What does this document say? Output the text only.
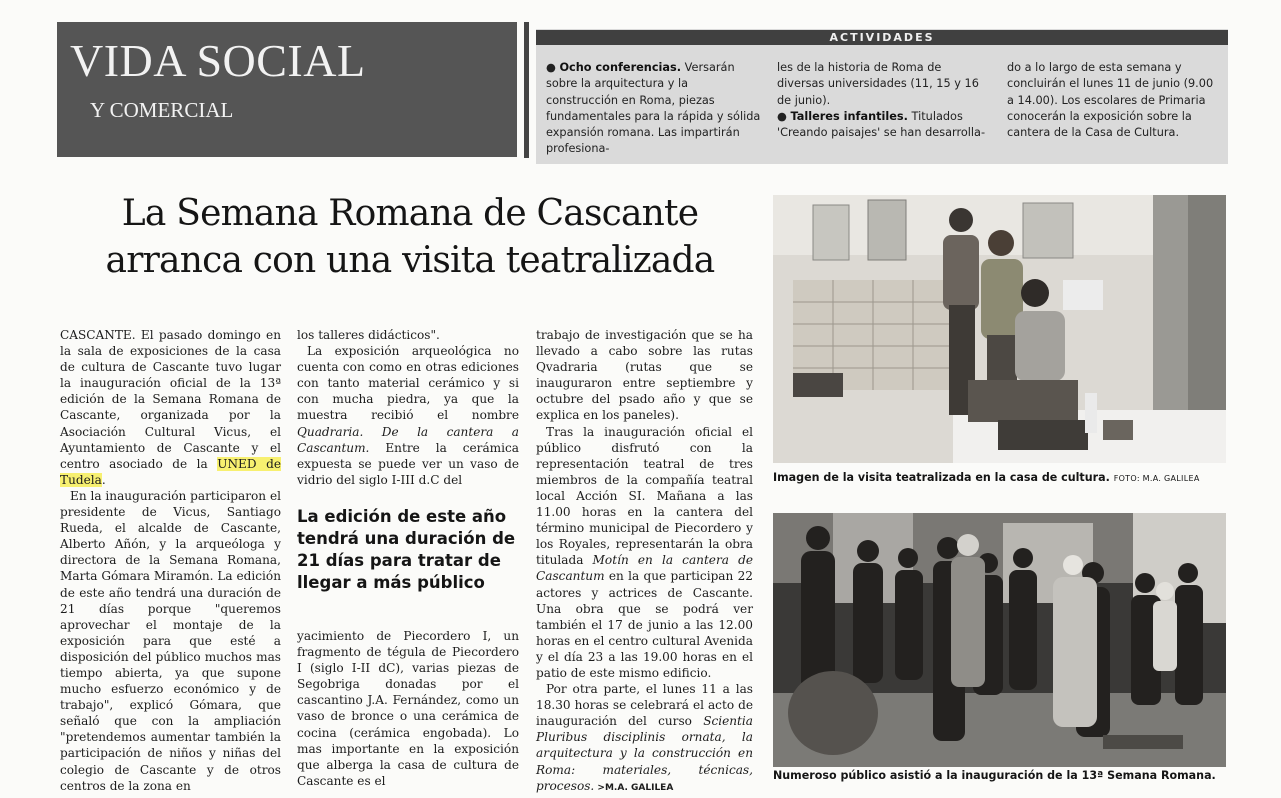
VIDA SOCIAL
Y COMERCIAL
ACTIVIDADES
● Ocho conferencias. Versarán sobre la arquitectura y la construcción en Roma, piezas fundamentales para la rápida y sólida expansión romana. Las impartirán profesiona-
les de la historia de Roma de diversas universidades (11, 15 y 16 de junio).
● Talleres infantiles. Titulados 'Creando paisajes' se han desarrolla-
do a lo largo de esta semana y concluirán el lunes 11 de junio (9.00 a 14.00). Los escolares de Primaria conocerán la exposición sobre la cantera de la Casa de Cultura.
La Semana Romana de Cascante arranca con una visita teatralizada

CASCANTE. El pasado domingo en la sala de exposiciones de la casa de cultura de Cascante tuvo lugar la inauguración oficial de la 13ª edición de la Semana Romana de Cascante, organizada por la Asociación Cultural Vicus, el Ayuntamiento de Cascante y el centro asociado de la UNED de Tudela.

En la inauguración participaron el presidente de Vicus, Santiago Rueda, el alcalde de Cascante, Alberto Añón, y la arqueóloga y directora de la Semana Romana, Marta Gómara Miramón. La edición de este año tendrá una duración de 21 días porque "queremos aprovechar el montaje de la exposición para que esté a disposición del público muchos mas tiempo abierta, ya que supone mucho esfuerzo económico y de trabajo", explicó Gómara, que señaló que con la ampliación "pretendemos aumentar también la participación de niños y niñas del colegio de Cascante y de otros centros de la zona en

los talleres didácticos".

La exposición arqueológica no cuenta con como en otras ediciones con tanto material cerámico y si con mucha piedra, ya que la muestra recibió el nombre Quadraria. De la cantera a Cascantum. Entre la cerámica expuesta se puede ver un vaso de vidrio del siglo I-III d.C del

La edición de este año tendrá una duración de 21 días para tratar de llegar a más público

yacimiento de Piecordero I, un fragmento de tégula de Piecordero I (siglo I-II dC), varias piezas de Segobriga donadas por el cascantino J.A. Fernández, como un vaso de bronce o una cerámica de cocina (cerámica engobada). Lo mas importante en la exposición que alberga la casa de cultura de Cascante es el

trabajo de investigación que se ha llevado a cabo sobre las rutas Qvadraria (rutas que se inauguraron entre septiembre y octubre del psado año y que se explica en los paneles).

Tras la inauguración oficial el público disfrutó con la representación teatral de tres miembros de la compañía teatral local Acción SI. Mañana a las 11.00 horas en la cantera del término municipal de Piecordero y los Royales, representarán la obra titulada Motín en la cantera de Cascantum en la que participan 22 actores y actrices de Cascante. Una obra que se podrá ver también el 17 de junio a las 12.00 horas en el centro cultural Avenida y el día 23 a las 19.00 horas en el patio de este mismo edificio.

Por otra parte, el lunes 11 a las 18.30 horas se celebrará el acto de inauguración del curso Scientia Pluribus disciplinis ornata, la arquitectura y la construcción en Roma: materiales, técnicas, procesos. >M.A. GALILEA

Imagen de la visita teatralizada en la casa de cultura. FOTO: M.A. GALILEA
Numeroso público asistió a la inauguración de la 13ª Semana Romana.
